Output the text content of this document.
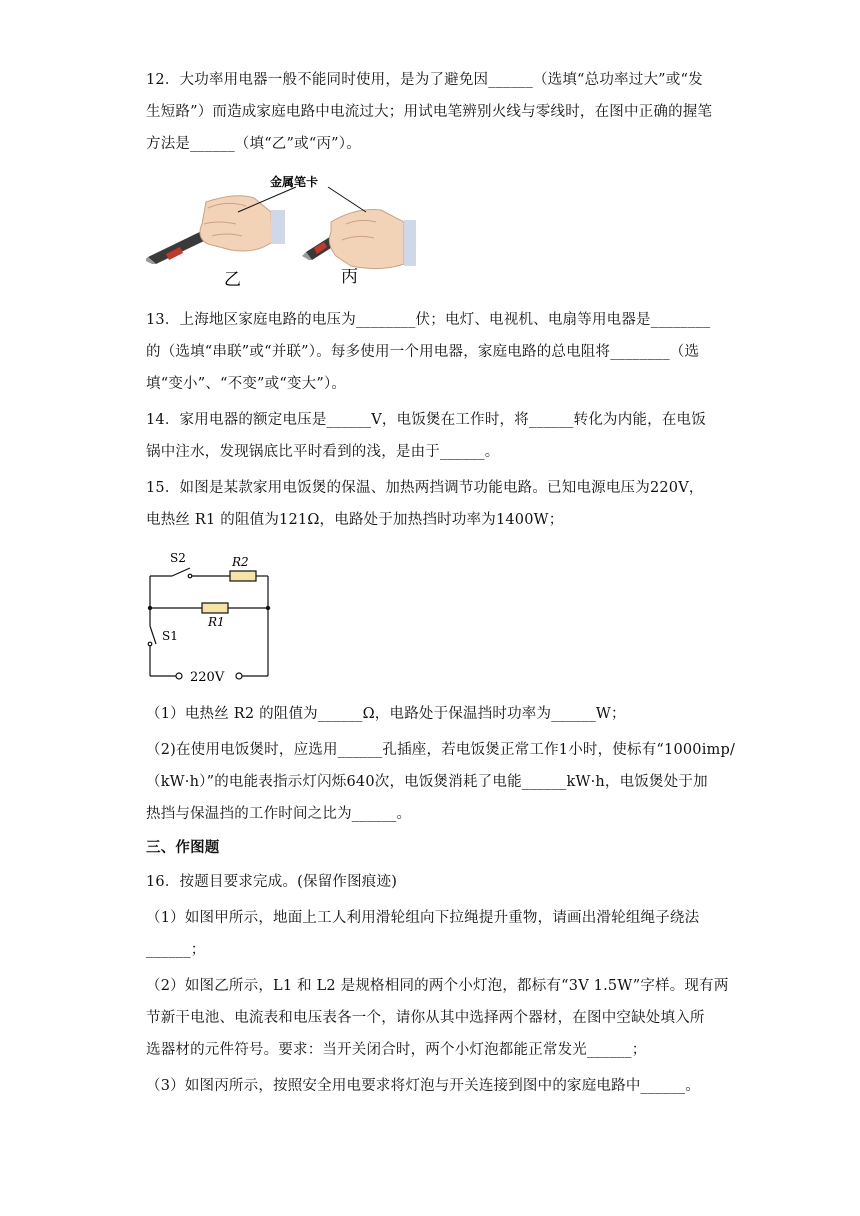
12．大功率用电器一般不能同时使用，是为了避免因______（选填“总功率过大”或“发
生短路”）而造成家庭电路中电流过大；用试电笔辨别火线与零线时，在图中正确的握笔
方法是______（填“乙”或“丙”）。
金属笔卡
乙	丙
13．上海地区家庭电路的电压为________伏；电灯、电视机、电扇等用电器是________
的（选填“串联”或“并联”）。每多使用一个用电器，家庭电路的总电阻将________（选
填“变小”、“不变”或“变大”）。
14．家用电器的额定电压是______V，电饭煲在工作时，将______转化为内能，在电饭
锅中注水，发现锅底比平时看到的浅，是由于______。
15．如图是某款家用电饭煲的保温、加热两挡调节功能电路。已知电源电压为220V，
电热丝 R1 的阻值为121Ω，电路处于加热挡时功率为1400W；
S2	R2
R1
S1
220V
（1）电热丝 R2 的阻值为______Ω，电路处于保温挡时功率为______W；
（2)在使用电饭煲时，应选用______孔插座，若电饭煲正常工作1小时，使标有“1000imp/
（kW·h）”的电能表指示灯闪烁640次，电饭煲消耗了电能______kW·h，电饭煲处于加
热挡与保温挡的工作时间之比为______。
三、作图题
16．按题目要求完成。(保留作图痕迹)
（1）如图甲所示，地面上工人利用滑轮组向下拉绳提升重物，请画出滑轮组绳子绕法
______；
（2）如图乙所示，L1 和 L2 是规格相同的两个小灯泡，都标有“3V 1.5W”字样。现有两
节新干电池、电流表和电压表各一个，请你从其中选择两个器材，在图中空缺处填入所
选器材的元件符号。要求：当开关闭合时，两个小灯泡都能正常发光______；
（3）如图丙所示，按照安全用电要求将灯泡与开关连接到图中的家庭电路中______。
